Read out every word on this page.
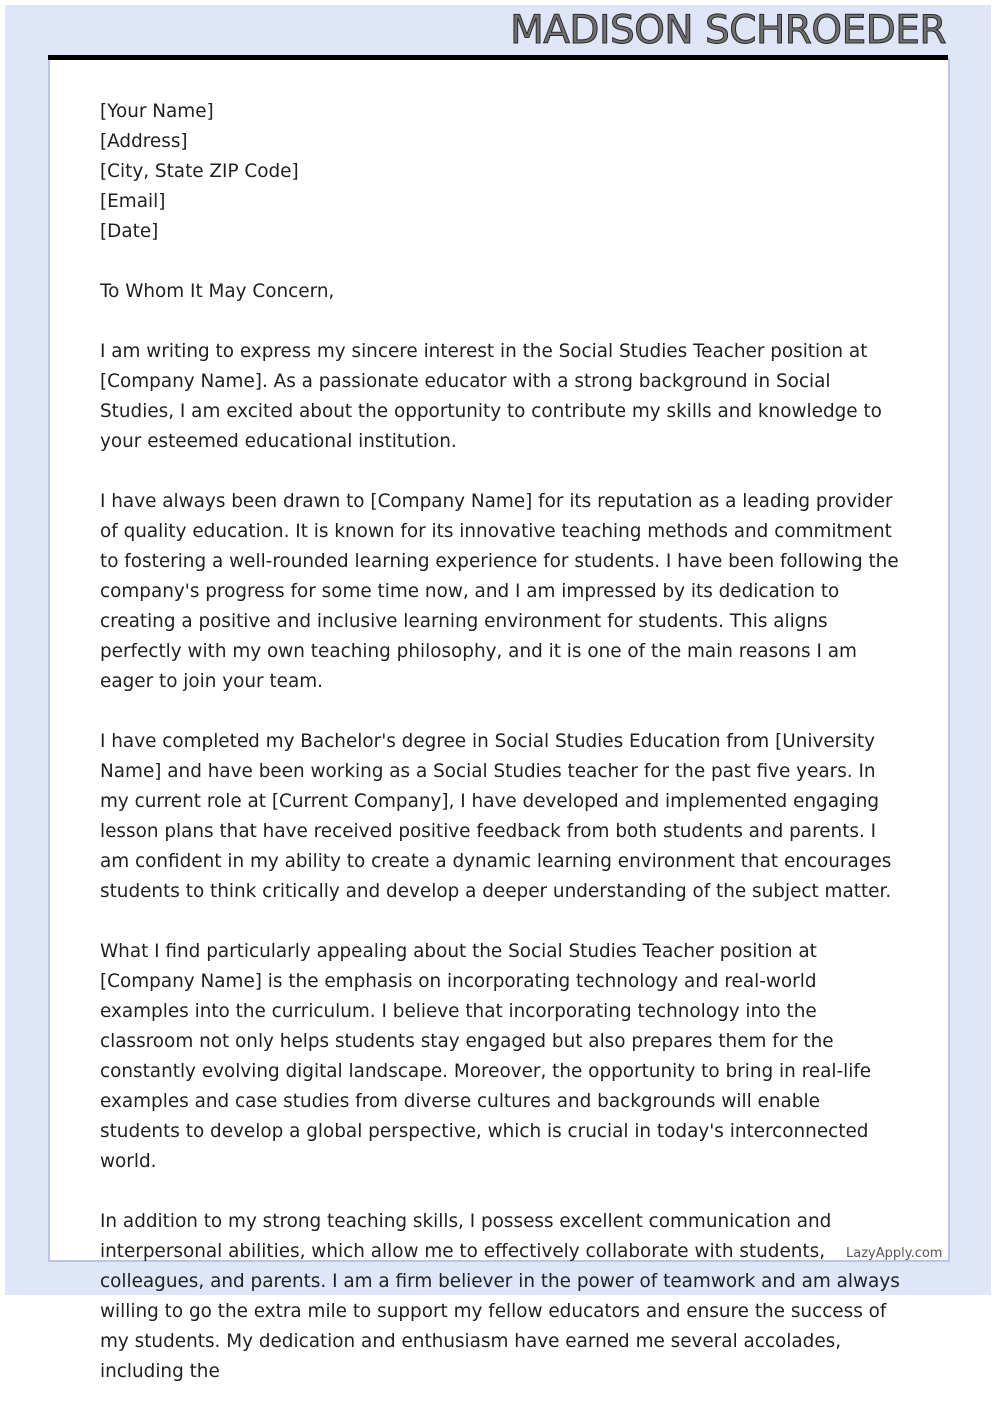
MADISON SCHROEDER

[Your Name]
[Address]
[City, State ZIP Code]
[Email]
[Date]

To Whom It May Concern,

I am writing to express my sincere interest in the Social Studies Teacher position at [Company Name]. As a passionate educator with a strong background in Social Studies, I am excited about the opportunity to contribute my skills and knowledge to your esteemed educational institution.

I have always been drawn to [Company Name] for its reputation as a leading provider of quality education. It is known for its innovative teaching methods and commitment to fostering a well-rounded learning experience for students. I have been following the company's progress for some time now, and I am impressed by its dedication to creating a positive and inclusive learning environment for students. This aligns perfectly with my own teaching philosophy, and it is one of the main reasons I am eager to join your team.

I have completed my Bachelor's degree in Social Studies Education from [University Name] and have been working as a Social Studies teacher for the past five years. In my current role at [Current Company], I have developed and implemented engaging lesson plans that have received positive feedback from both students and parents. I am confident in my ability to create a dynamic learning environment that encourages students to think critically and develop a deeper understanding of the subject matter.

What I find particularly appealing about the Social Studies Teacher position at [Company Name] is the emphasis on incorporating technology and real-world examples into the curriculum. I believe that incorporating technology into the classroom not only helps students stay engaged but also prepares them for the constantly evolving digital landscape. Moreover, the opportunity to bring in real-life examples and case studies from diverse cultures and backgrounds will enable students to develop a global perspective, which is crucial in today's interconnected world.

In addition to my strong teaching skills, I possess excellent communication and interpersonal abilities, which allow me to effectively collaborate with students, colleagues, and parents. I am a firm believer in the power of teamwork and am always willing to go the extra mile to support my fellow educators and ensure the success of my students. My dedication and enthusiasm have earned me several accolades, including the

LazyApply.com
